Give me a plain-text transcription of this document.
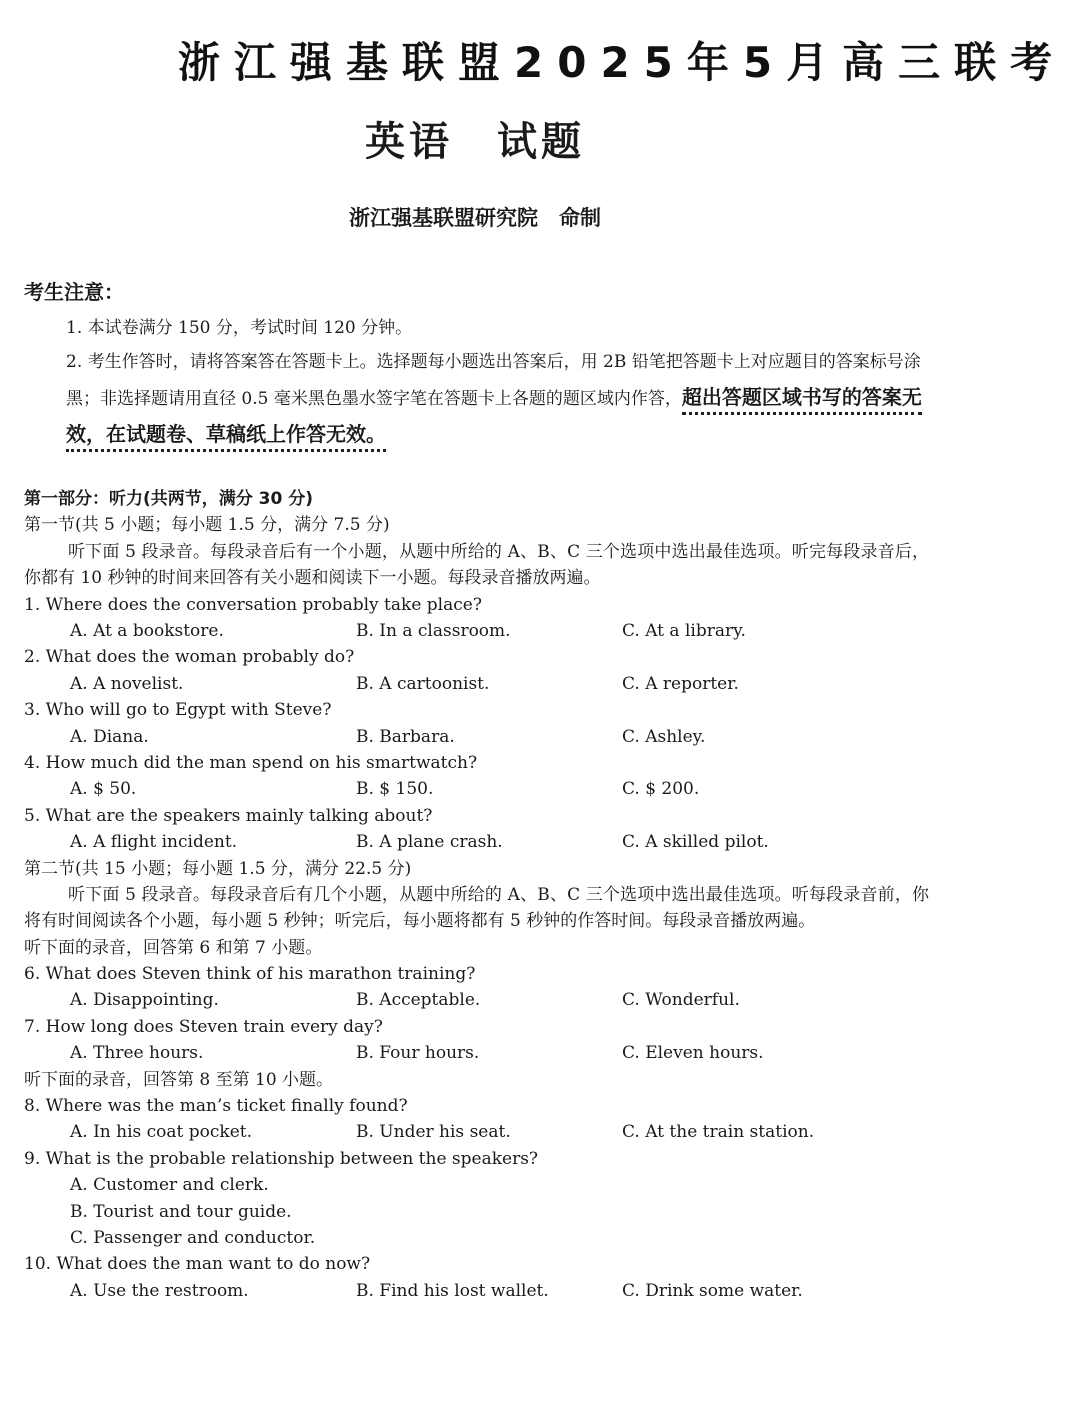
浙江强基联盟2025年5月高三联考
英语　试题
浙江强基联盟研究院　命制
考生注意：
1. 本试卷满分 150 分，考试时间 120 分钟。
2. 考生作答时，请将答案答在答题卡上。选择题每小题选出答案后，用 2B 铅笔把答题卡上对应题目的答案标号涂黑；非选择题请用直径 0.5 毫米黑色墨水签字笔在答题卡上各题的题区域内作答，超出答题区域书写的答案无效，在试题卷、草稿纸上作答无效。
第一部分：听力(共两节，满分 30 分)
第一节(共 5 小题；每小题 1.5 分，满分 7.5 分)
听下面 5 段录音。每段录音后有一个小题，从题中所给的 A、B、C 三个选项中选出最佳选项。听完每段录音后，你都有 10 秒钟的时间来回答有关小题和阅读下一小题。每段录音播放两遍。
1. Where does the conversation probably take place?
A. At a bookstore.	B. In a classroom.	C. At a library.
2. What does the woman probably do?
A. A novelist.	B. A cartoonist.	C. A reporter.
3. Who will go to Egypt with Steve?
A. Diana.	B. Barbara.	C. Ashley.
4. How much did the man spend on his smartwatch?
A. $ 50.	B. $ 150.	C. $ 200.
5. What are the speakers mainly talking about?
A. A flight incident.	B. A plane crash.	C. A skilled pilot.
第二节(共 15 小题；每小题 1.5 分，满分 22.5 分)
听下面 5 段录音。每段录音后有几个小题，从题中所给的 A、B、C 三个选项中选出最佳选项。听每段录音前，你将有时间阅读各个小题，每小题 5 秒钟；听完后，每小题将都有 5 秒钟的作答时间。每段录音播放两遍。
听下面的录音，回答第 6 和第 7 小题。
6. What does Steven think of his marathon training?
A. Disappointing.	B. Acceptable.	C. Wonderful.
7. How long does Steven train every day?
A. Three hours.	B. Four hours.	C. Eleven hours.
听下面的录音，回答第 8 至第 10 小题。
8. Where was the man’s ticket finally found?
A. In his coat pocket.	B. Under his seat.	C. At the train station.
9. What is the probable relationship between the speakers?
A. Customer and clerk.
B. Tourist and tour guide.
C. Passenger and conductor.
10. What does the man want to do now?
A. Use the restroom.	B. Find his lost wallet.	C. Drink some water.
